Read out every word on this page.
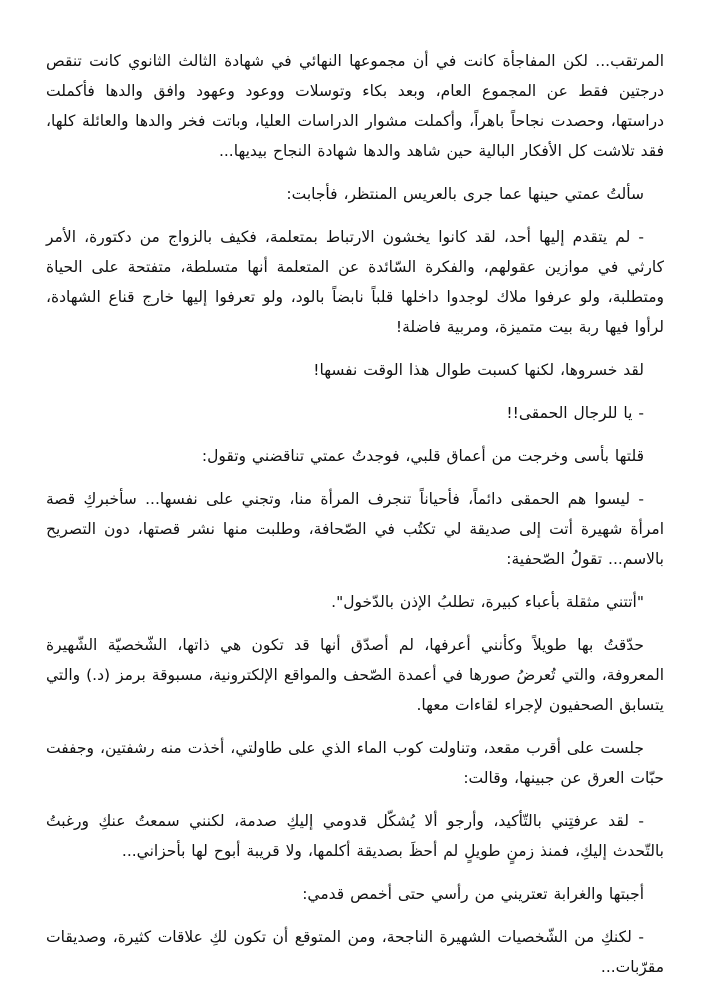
المرتقب... لكن المفاجأة كانت في أن مجموعها النهائي في شهادة الثالث الثانوي كانت تنقص درجتين فقط عن المجموع العام، وبعد بكاء وتوسلات ووعود وعهود وافق والدها فأكملت دراستها، وحصدت نجاحاً باهراً، وأكملت مشوار الدراسات العليا، وباتت فخر والدها والعائلة كلها، فقد تلاشت كل الأفكار البالية حين شاهد والدها شهادة النجاح بيديها...

سألتُ عمتي حينها عما جرى بالعريس المنتظر، فأجابت:

- لم يتقدم إليها أحد، لقد كانوا يخشون الارتباط بمتعلمة، فكيف بالزواج من دكتورة، الأمر كارثي في موازين عقولهم، والفكرة السّائدة عن المتعلمة أنها متسلطة، متفتحة على الحياة ومتطلبة، ولو عرفوا ملاك لوجدوا داخلها قلباً نابضاً بالود، ولو تعرفوا إليها خارج قناع الشهادة، لرأوا فيها ربة بيت متميزة، ومربية فاضلة!

لقد خسروها، لكنها كسبت طوال هذا الوقت نفسها!

- يا للرجال الحمقى!!

قلتها بأسى وخرجت من أعماق قلبي، فوجدتُ عمتي تناقضني وتقول:

- ليسوا هم الحمقى دائماً، فأحياناً تنجرف المرأة منا، وتجني على نفسها... سأخبركِ قصة امرأة شهيرة أتت إلى صديقة لي تكتُب في الصّحافة، وطلبت منها نشر قصتها، دون التصريح بالاسم... تقولُ الصّحفية:

"أتتني مثقلة بأعباء كبيرة، تطلبُ الإذن بالدّخول".

حدّقتُ بها طويلاً وكأنني أعرفها، لم أصدّق أنها قد تكون هي ذاتها، الشّخصيّة الشّهيرة المعروفة، والتي تُعرضُ صورها في أعمدة الصّحف والمواقع الإلكترونية، مسبوقة برمز (د.) والتي يتسابق الصحفيون لإجراء لقاءات معها.

جلست على أقرب مقعد، وتناولت كوب الماء الذي على طاولتي، أخذت منه رشفتين، وجففت حبّات العرق عن جبينها، وقالت:

- لقد عرفتِني بالتّأكيد، وأرجو ألا يُشكّل قدومي إليكِ صدمة، لكنني سمعتُ عنكِ ورغبتُ بالتّحدث إليكِ، فمنذ زمنٍ طويلٍ لم أحظَ بصديقة أكلمها، ولا قريبة أبوح لها بأحزاني...

أجبتها والغرابة تعتريني من رأسي حتى أخمص قدمي:

- لكنكِ من الشّخصيات الشهيرة الناجحة، ومن المتوقع أن تكون لكِ علاقات كثيرة، وصديقات مقرّبات...
